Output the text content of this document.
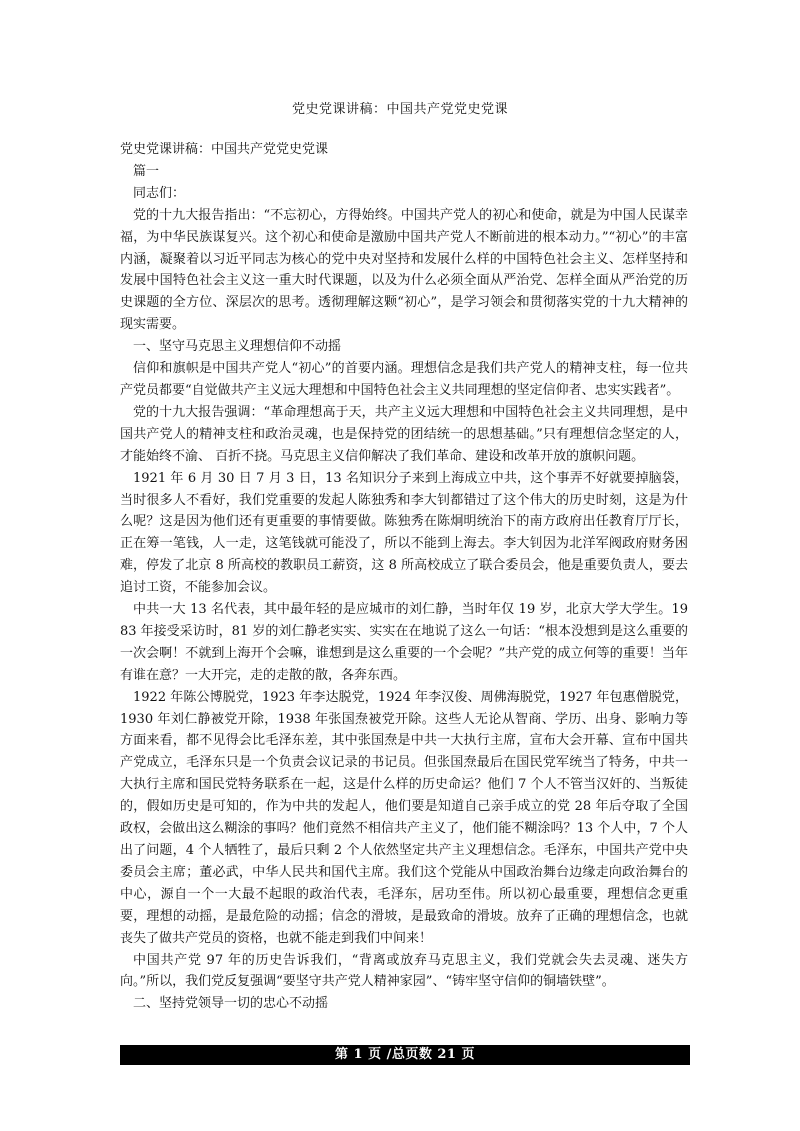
党史党课讲稿：中国共产党党史党课

党史党课讲稿：中国共产党党史党课

篇一

同志们：

党的十九大报告指出：“不忘初心，方得始终。中国共产党人的初心和使命，就是为中国人民谋幸福，为中华民族谋复兴。这个初心和使命是激励中国共产党人不断前进的根本动力。”“初心”的丰富内涵，凝聚着以习近平同志为核心的党中央对坚持和发展什么样的中国特色社会主义、怎样坚持和发展中国特色社会主义这一重大时代课题，以及为什么必须全面从严治党、怎样全面从严治党的历史课题的全方位、深层次的思考。透彻理解这颗“初心”，是学习领会和贯彻落实党的十九大精神的现实需要。

一、坚守马克思主义理想信仰不动摇

信仰和旗帜是中国共产党人“初心”的首要内涵。理想信念是我们共产党人的精神支柱，每一位共产党员都要“自觉做共产主义远大理想和中国特色社会主义共同理想的坚定信仰者、忠实实践者”。

党的十九大报告强调：“革命理想高于天，共产主义远大理想和中国特色社会主义共同理想，是中国共产党人的精神支柱和政治灵魂，也是保持党的团结统一的思想基础。”只有理想信念坚定的人，才能始终不渝、 百折不挠。马克思主义信仰解决了我们革命、建设和改革开放的旗帜问题。

1921 年 6 月 30 日 7 月 3 日，13 名知识分子来到上海成立中共，这个事弄不好就要掉脑袋，当时很多人不看好，我们党重要的发起人陈独秀和李大钊都错过了这个伟大的历史时刻，这是为什么呢？这是因为他们还有更重要的事情要做。陈独秀在陈炯明统治下的南方政府出任教育厅厅长，正在筹一笔钱，人一走，这笔钱就可能没了，所以不能到上海去。李大钊因为北洋军阀政府财务困难，停发了北京 8 所高校的教职员工薪资，这 8 所高校成立了联合委员会，他是重要负责人，要去追讨工资，不能参加会议。

中共一大 13 名代表，其中最年轻的是应城市的刘仁静，当时年仅 19 岁，北京大学大学生。1983 年接受采访时，81 岁的刘仁静老实实、实实在在地说了这么一句话：“根本没想到是这么重要的一次会啊！不就到上海开个会嘛，谁想到是这么重要的一个会呢？”共产党的成立何等的重要！当年有谁在意？一大开完，走的走散的散，各奔东西。

1922 年陈公博脱党，1923 年李达脱党，1924 年李汉俊、周佛海脱党，1927 年包惠僧脱党，1930 年刘仁静被党开除，1938 年张国焘被党开除。这些人无论从智商、学历、出身、影响力等方面来看，都不见得会比毛泽东差，其中张国焘是中共一大执行主席，宣布大会开幕、宣布中国共产党成立，毛泽东只是一个负责会议记录的书记员。但张国焘最后在国民党军统当了特务，中共一大执行主席和国民党特务联系在一起，这是什么样的历史命运？他们 7 个人不管当汉奸的、当叛徒的，假如历史是可知的，作为中共的发起人，他们要是知道自己亲手成立的党 28 年后夺取了全国政权，会做出这么糊涂的事吗？他们竟然不相信共产主义了，他们能不糊涂吗？13 个人中，7 个人出了问题，4 个人牺牲了，最后只剩 2 个人依然坚定共产主义理想信念。毛泽东，中国共产党中央委员会主席；董必武，中华人民共和国代主席。我们这个党能从中国政治舞台边缘走向政治舞台的中心，源自一个一大最不起眼的政治代表，毛泽东，居功至伟。所以初心最重要，理想信念更重要，理想的动摇，是最危险的动摇；信念的滑坡，是最致命的滑坡。放弃了正确的理想信念，也就丧失了做共产党员的资格，也就不能走到我们中间来！

中国共产党 97 年的历史告诉我们，“背离或放弃马克思主义，我们党就会失去灵魂、迷失方向。”所以，我们党反复强调“要坚守共产党人精神家园”、“铸牢坚守信仰的铜墙铁壁”。

二、坚持党领导一切的忠心不动摇

第 1 页 /总页数 21 页
